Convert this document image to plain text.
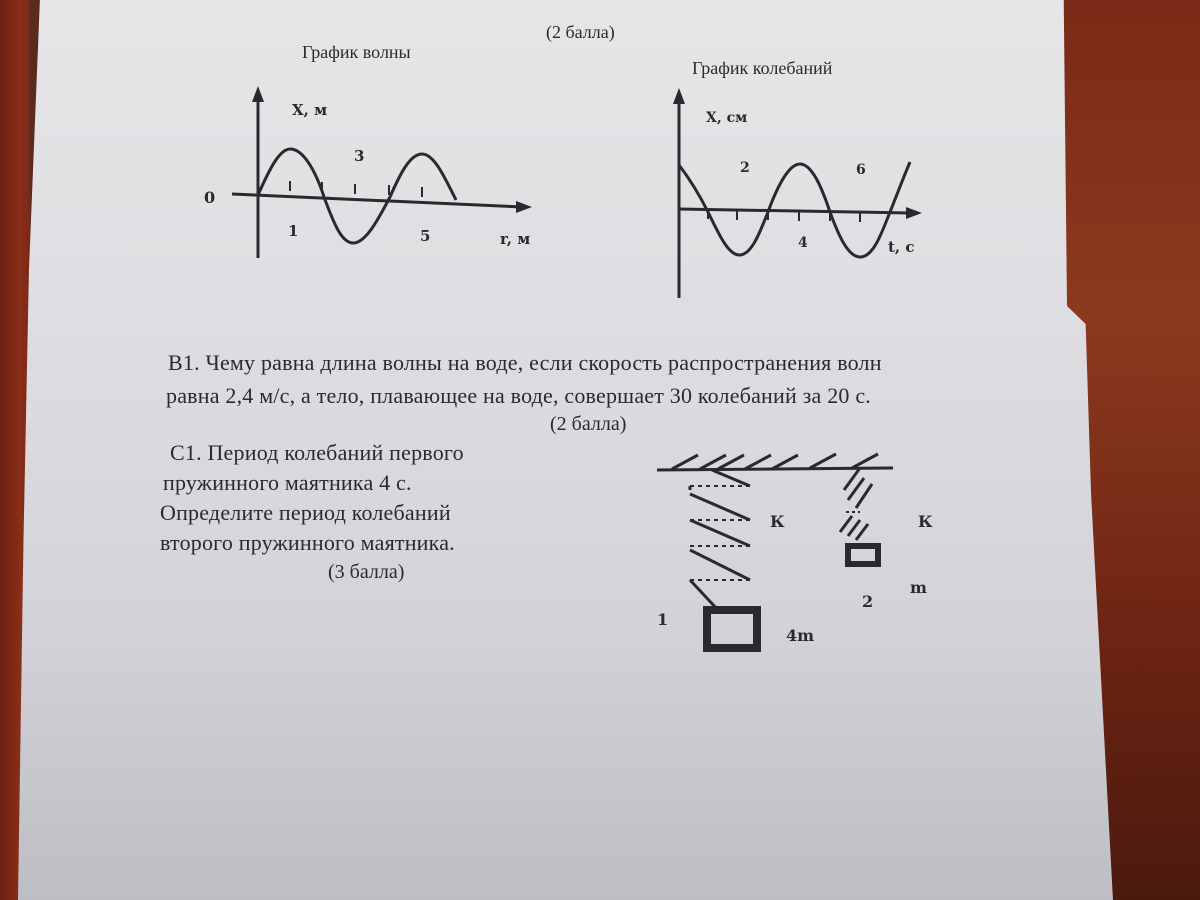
(2 балла)
График волны
X, м
0
1
3
5	r, м
График колебаний
Х, см
2
4
6
t, c
В1. Чему равна длина волны на воде, если скорость распространения волн
равна 2,4 м/с, а тело, плавающее на воде, совершает 30 колебаний за 20 с.
(2 балла)
С1. Период колебаний первого
пружинного маятника 4 с.
Определите период колебаний
второго пружинного маятника.
(3 балла)
К	К
1
2
4m
m
